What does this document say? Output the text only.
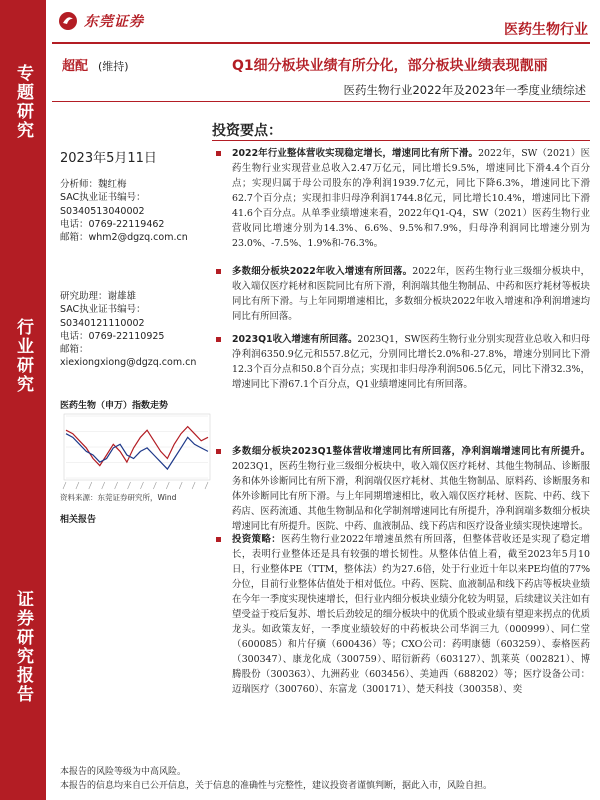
专题研究
行业研究
证券研究报告
东莞证券	医药生物行业
超配 (维持)	Q1细分板块业绩有所分化，部分板块业绩表现靓丽
医药生物行业2022年及2023年一季度业绩综述
2023年5月11日
分析师：魏红梅
SAC执业证书编号：
S0340513040002
电话：0769-22119462
邮箱：whm2@dgzq.com.cn
研究助理：谢雄雄
SAC执业证书编号：
S0340121110002
电话：0769-22110925
邮箱：
xiexiongxiong@dgzq.com.cn
医药生物（申万）指数走势
资料来源：东莞证券研究所，Wind
相关报告
投资要点：
2022年行业整体营收实现稳定增长，增速同比有所下滑。2022年，SW（2021）医药生物行业实现营业总收入2.47万亿元，同比增长9.5%，增速同比下滑4.4个百分点；实现归属于母公司股东的净利润1939.7亿元，同比下降6.3%，增速同比下滑62.7个百分点；实现扣非归母净利润1744.8亿元，同比增长10.4%，增速同比下滑41.6个百分点。从单季业绩增速来看，2022年Q1-Q4，SW（2021）医药生物行业营收同比增速分别为14.3%、6.6%、9.5%和7.9%，归母净利润同比增速分别为23.0%、-7.5%、1.9%和-76.3%。
多数细分板块2022年收入增速有所回落。2022年，医药生物行业三级细分板块中，收入端仅医疗耗材和医院同比有所下滑，利润端其他生物制品、中药和医疗耗材等板块同比有所下滑。与上年同期增速相比，多数细分板块2022年收入增速和净利润增速均同比有所回落。
2023Q1收入增速有所回落。2023Q1，SW医药生物行业分别实现营业总收入和归母净利润6350.9亿元和557.8亿元，分别同比增长2.0%和-27.8%，增速分别同比下滑12.3个百分点和50.8个百分点；实现扣非归母净利润506.5亿元，同比下滑32.3%，增速同比下滑67.1个百分点，Q1业绩增速同比有所回落。
多数细分板块2023Q1整体营收增速同比有所回落，净利润端增速同比有所提升。2023Q1，医药生物行业三级细分板块中，收入端仅医疗耗材、其他生物制品、诊断服务和体外诊断同比有所下滑，利润端仅医疗耗材、其他生物制品、原料药、诊断服务和体外诊断同比有所下滑。与上年同期增速相比，收入端仅医疗耗材、医院、中药、线下药店、医药流通、其他生物制品和化学制剂增速同比有所提升，净利润端多数细分板块增速同比有所提升。医院、中药、血液制品、线下药店和医疗设备业绩实现快速增长。
投资策略：医药生物行业2022年增速虽然有所回落，但整体营收还是实现了稳定增长，表明行业整体还是具有较强的增长韧性。从整体估值上看，截至2023年5月10日，行业整体PE（TTM，整体法）约为27.6倍，处于行业近十年以来PE均值的77%分位，目前行业整体估值处于相对低位。中药、医院、血液制品和线下药店等板块业绩在今年一季度实现快速增长，但行业内细分板块业绩分化较为明显，后续建议关注如有望受益于疫后复苏、增长后劲较足的细分板块中的优质个股或业绩有望迎来拐点的优质龙头。如政策友好，一季度业绩较好的中药板块公司华润三九（000999）、同仁堂（600085）和片仔癀（600436）等；CXO公司：药明康德（603259）、泰格医药（300347）、康龙化成（300759）、昭衍新药（603127）、凯莱英（002821）、博腾股份（300363）、九洲药业（603456）、美迪西（688202）等；医疗设备公司：迈瑞医疗（300760）、东富龙（300171）、楚天科技（300358）、奕
本报告的风险等级为中高风险。
本报告的信息均来自已公开信息，关于信息的准确性与完整性，建议投资者谨慎判断，据此入市，风险自担。
